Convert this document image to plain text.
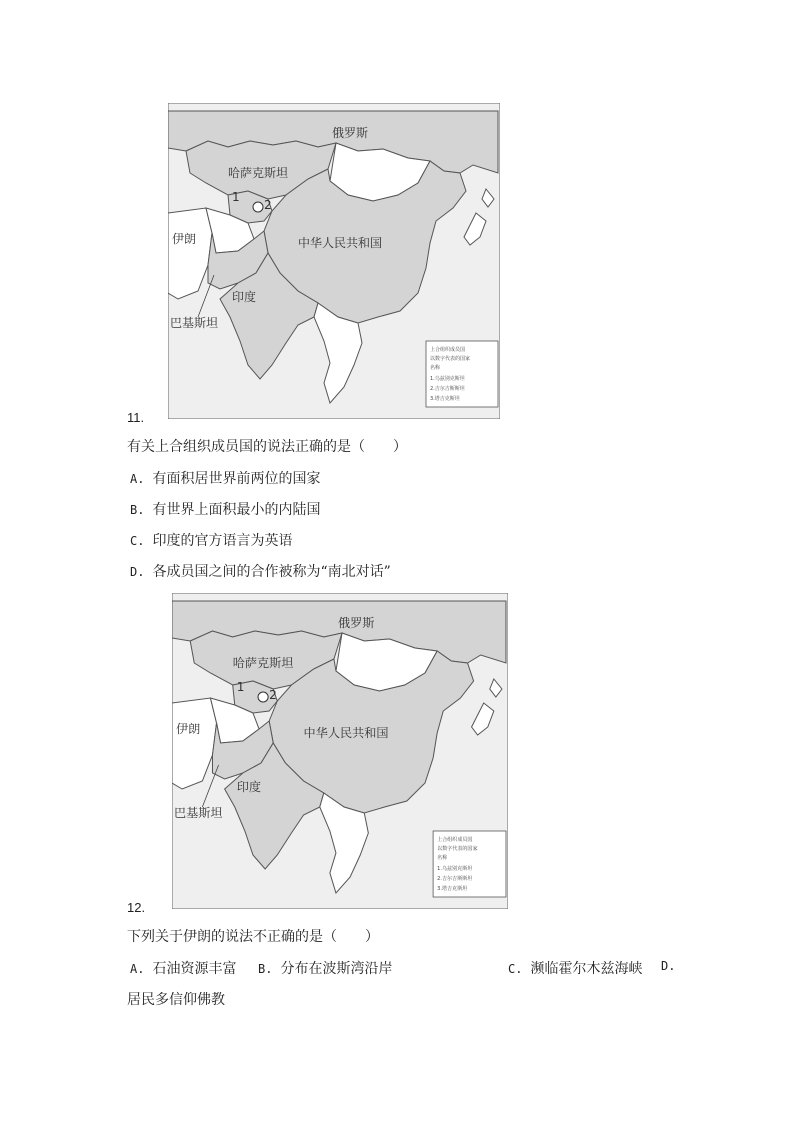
1
2
俄罗斯
哈萨克斯坦
伊朗	中华人民共和国
印度
巴基斯坦
上合组织成员国
以数字代表的国家
名称
1.乌兹别克斯坦
2.吉尔吉斯斯坦
3.塔吉克斯坦
11.
有关上合组织成员国的说法正确的是（　　）
A. 有面积居世界前两位的国家
B. 有世界上面积最小的内陆国
C. 印度的官方语言为英语
D. 各成员国之间的合作被称为“南北对话”
1
2
俄罗斯
哈萨克斯坦
伊朗	中华人民共和国
印度
巴基斯坦
上合组织成员国
以数字代表的国家
名称
1.乌兹别克斯坦
2.吉尔吉斯斯坦
3.塔吉克斯坦
12.
下列关于伊朗的说法不正确的是（　　）
A. 石油资源丰富 B. 分布在波斯湾沿岸	C. 濒临霍尔木兹海峡 D.
居民多信仰佛教
